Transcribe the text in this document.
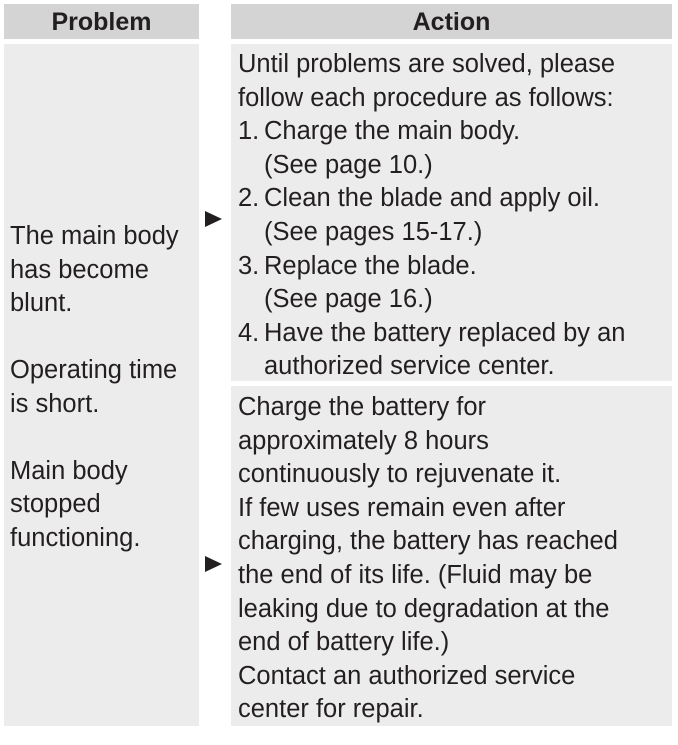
Problem	Action
The main body
has become
blunt.
Operating time
is short.
Main body
stopped
functioning.
Until problems are solved, please
follow each procedure as follows:
1. Charge the main body.
(See page 10.)
2. Clean the blade and apply oil.
(See pages 15-17.)
3. Replace the blade.
(See page 16.)
4. Have the battery replaced by an
authorized service center.
Charge the battery for
approximately 8 hours
continuously to rejuvenate it.
If few uses remain even after
charging, the battery has reached
the end of its life. (Fluid may be
leaking due to degradation at the
end of battery life.)
Contact an authorized service
center for repair.
